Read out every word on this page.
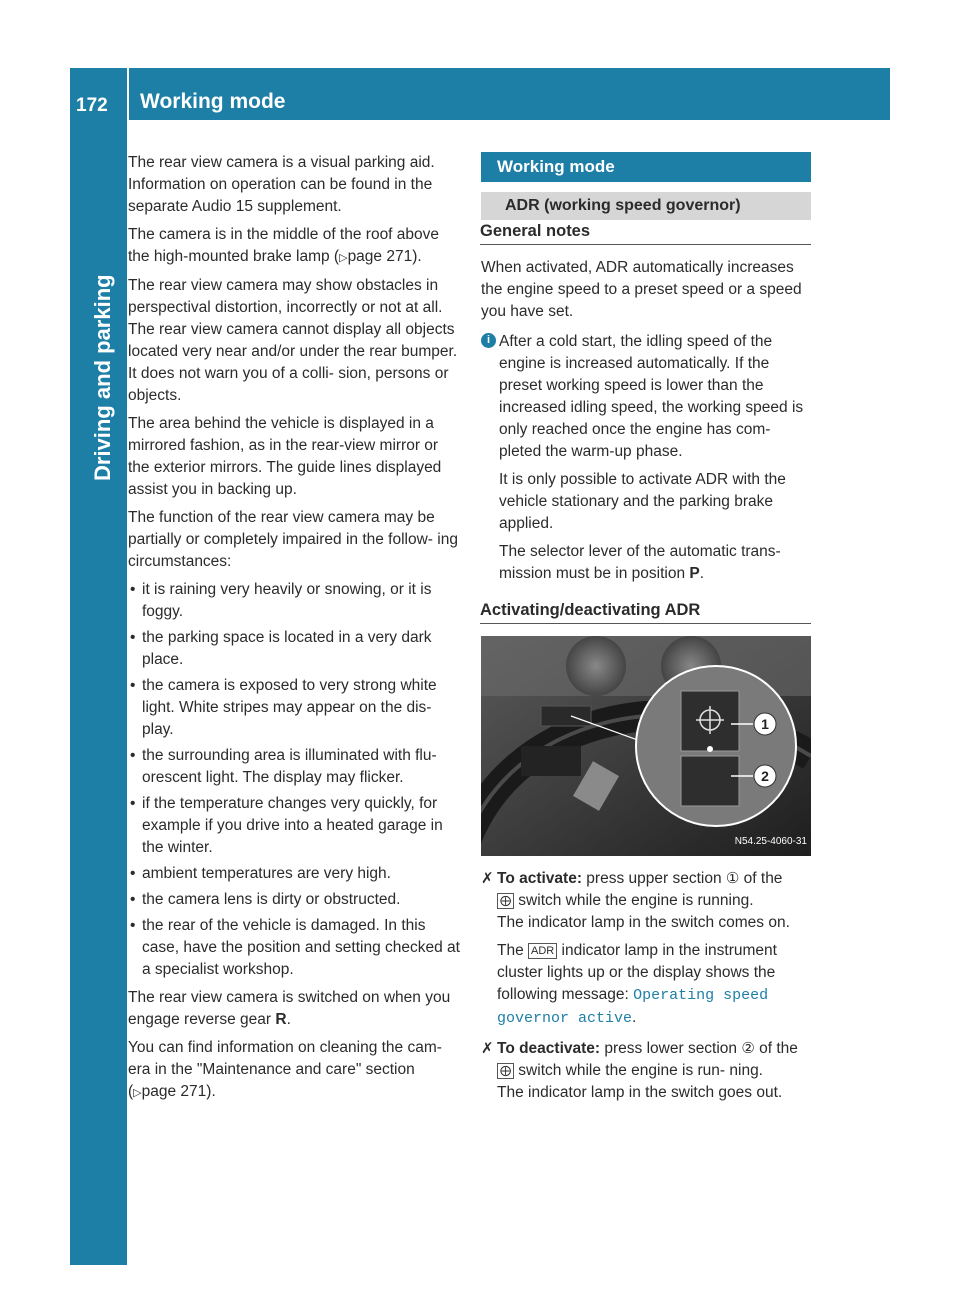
172 Working mode
Driving and parking

The rear view camera is a visual parking aid. Information on operation can be found in the separate Audio 15 supplement.

The camera is in the middle of the roof above the high-mounted brake lamp (▷page 271).

The rear view camera may show obstacles in perspectival distortion, incorrectly or not at all. The rear view camera cannot display all objects located very near and/or under the rear bumper. It does not warn you of a colli- sion, persons or objects.

The area behind the vehicle is displayed in a mirrored fashion, as in the rear-view mirror or the exterior mirrors. The guide lines displayed assist you in backing up.

The function of the rear view camera may be partially or completely impaired in the follow- ing circumstances:

• it is raining very heavily or snowing, or it is foggy.
• the parking space is located in a very dark place.
• the camera is exposed to very strong white light. White stripes may appear on the dis- play.
• the surrounding area is illuminated with flu- orescent light. The display may flicker.
• if the temperature changes very quickly, for example if you drive into a heated garage in the winter.
• ambient temperatures are very high.
• the camera lens is dirty or obstructed.
• the rear of the vehicle is damaged. In this case, have the position and setting checked at a specialist workshop.

The rear view camera is switched on when you engage reverse gear R.

You can find information on cleaning the cam- era in the "Maintenance and care" section (▷page 271).

Working mode
ADR (working speed governor)
General notes

When activated, ADR automatically increases the engine speed to a preset speed or a speed you have set.

i After a cold start, the idling speed of the engine is increased automatically. If the preset working speed is lower than the increased idling speed, the working speed is only reached once the engine has com- pleted the warm-up phase.

It is only possible to activate ADR with the vehicle stationary and the parking brake applied.

The selector lever of the automatic trans- mission must be in position P.

Activating/deactivating ADR
1
2
N54.25-4060-31
✗ To activate: press upper section ① of the
⨁ switch while the engine is running.
The indicator lamp in the switch comes on.

The ADR indicator lamp in the instrument cluster lights up or the display shows the following message: Operating speed governor active.

✗ To deactivate: press lower section ② of the ⨁ switch while the engine is run- ning.
The indicator lamp in the switch goes out.
